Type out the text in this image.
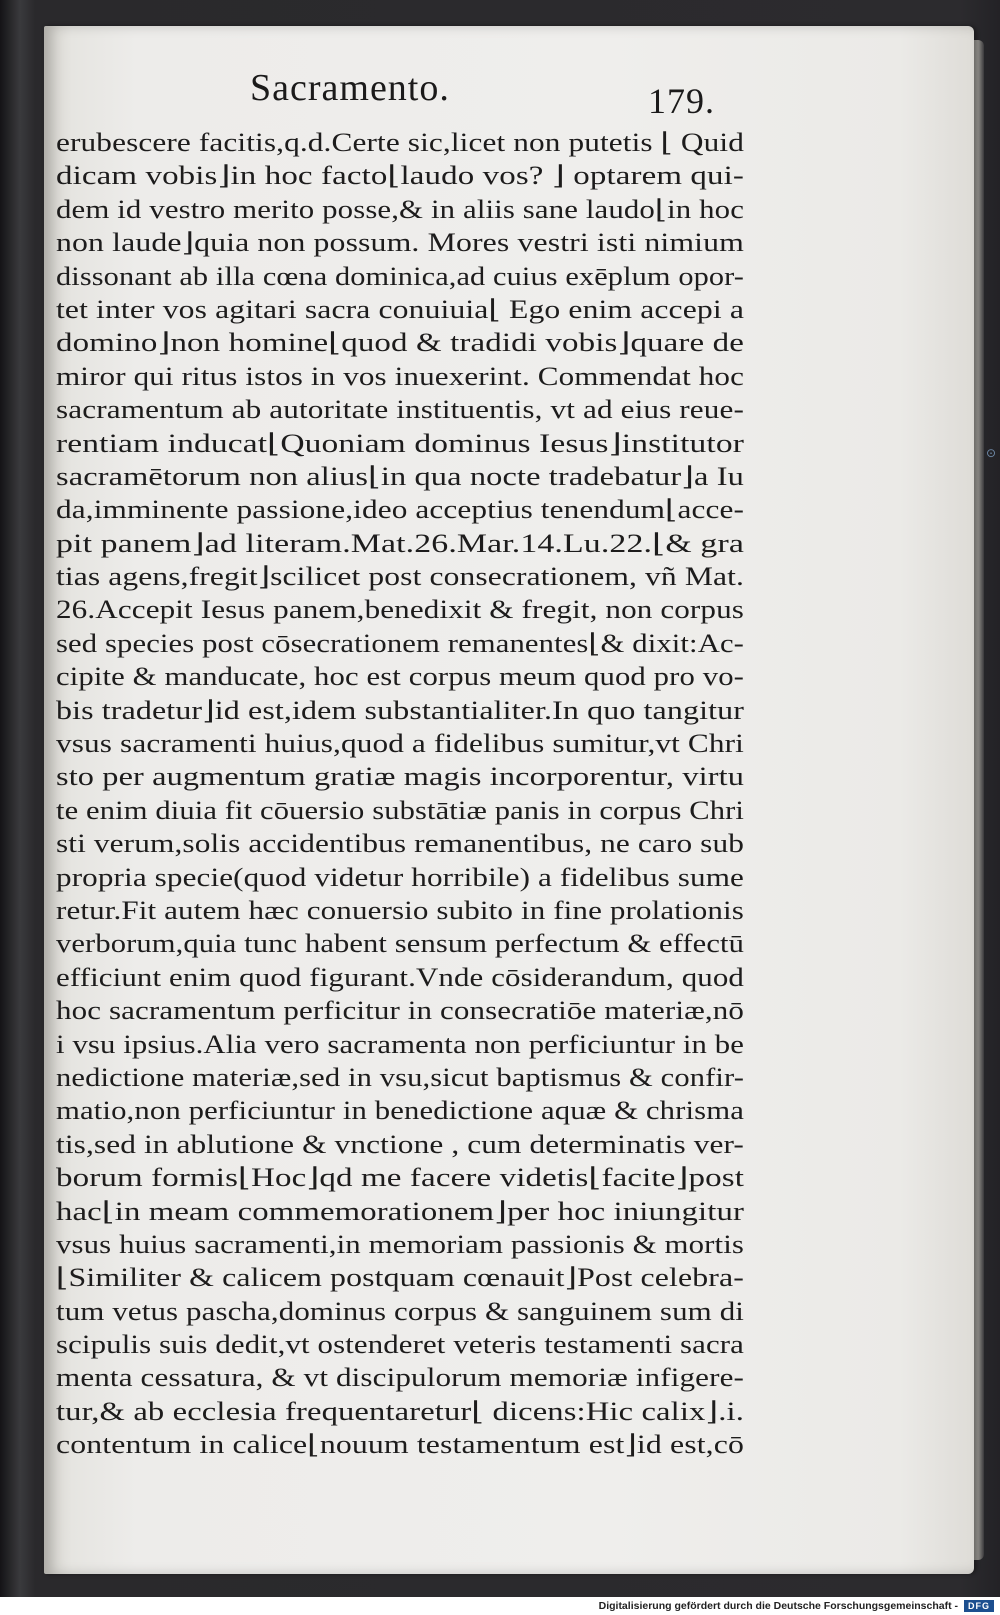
Sacramento.	179.
erubescere facitis,q.d.Certe sic,licet non putetis ⌊ Quid
dicam vobis⌋in hoc facto⌊laudo vos? ⌋ optarem qui-
dem id vestro merito posse,& in aliis sane laudo⌊in hoc
non laude⌋quia non possum. Mores vestri isti nimium
dissonant ab illa cœna dominica,ad cuius exēplum opor-
tet inter vos agitari sacra conuiuia⌊ Ego enim accepi a
domino⌋non homine⌊quod & tradidi vobis⌋quare de
miror qui ritus istos in vos inuexerint. Commendat hoc
sacramentum ab autoritate instituentis, vt ad eius reue-
rentiam inducat⌊Quoniam dominus Iesus⌋institutor
sacramētorum non alius⌊in qua nocte tradebatur⌋a Iu
da,imminente passione,ideo acceptius tenendum⌊acce-
pit panem⌋ad literam.Mat.26.Mar.14.Lu.22.⌊& gra
tias agens,fregit⌋scilicet post consecrationem, vñ Mat.
26.Accepit Iesus panem,benedixit & fregit, non corpus
sed species post cōsecrationem remanentes⌊& dixit:Ac-
cipite & manducate, hoc est corpus meum quod pro vo-
bis tradetur⌋id est,idem substantialiter.In quo tangitur
vsus sacramenti huius,quod a fidelibus sumitur,vt Chri
sto per augmentum gratiæ magis incorporentur, virtu
te enim diuia fit cōuersio substātiæ panis in corpus Chri
sti verum,solis accidentibus remanentibus, ne caro sub
propria specie(quod videtur horribile) a fidelibus sume
retur.Fit autem hæc conuersio subito in fine prolationis
verborum,quia tunc habent sensum perfectum & effectū
efficiunt enim quod figurant.Vnde cōsiderandum, quod
hoc sacramentum perficitur in consecratiōe materiæ,nō
i vsu ipsius.Alia vero sacramenta non perficiuntur in be
nedictione materiæ,sed in vsu,sicut baptismus & confir-
matio,non perficiuntur in benedictione aquæ & chrisma
tis,sed in ablutione & vnctione , cum determinatis ver-
borum formis⌊Hoc⌋qd me facere videtis⌊facite⌋post
hac⌊in meam commemorationem⌋per hoc iniungitur
vsus huius sacramenti,in memoriam passionis & mortis
⌊Similiter & calicem postquam cœnauit⌋Post celebra-
tum vetus pascha,dominus corpus & sanguinem sum di
scipulis suis dedit,vt ostenderet veteris testamenti sacra
menta cessatura, & vt discipulorum memoriæ infigere-
tur,& ab ecclesia frequentaretur⌊ dicens:Hic calix⌋.i.
contentum in calice⌊nouum testamentum est⌋id est,cō
⊙
Digitalisierung gefördert durch die Deutsche Forschungsgemeinschaft -	DFG
